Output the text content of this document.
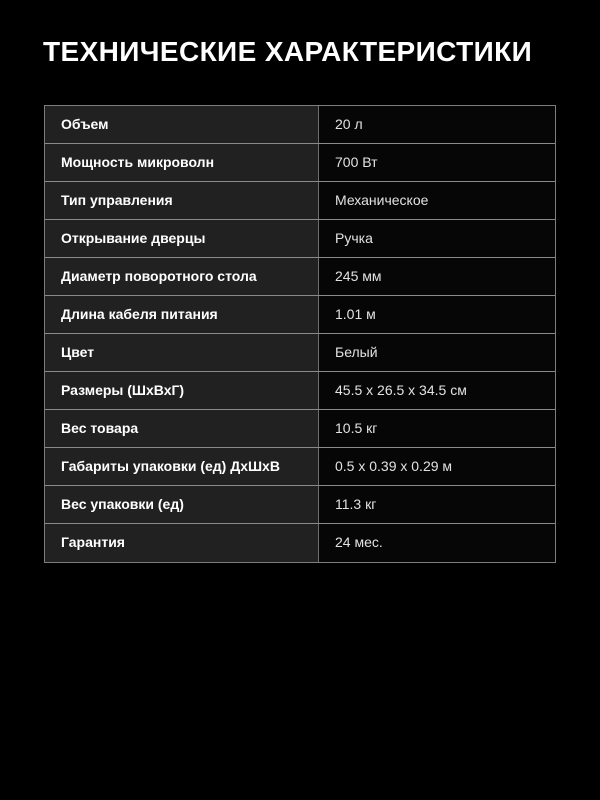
ТЕХНИЧЕСКИЕ ХАРАКТЕРИСТИКИ
Объем	20 л
Мощность микроволн	700 Вт
Тип управления	Механическое
Открывание дверцы	Ручка
Диаметр поворотного стола	245 мм
Длина кабеля питания	1.01 м
Цвет	Белый
Размеры (ШхВхГ)	45.5 x 26.5 x 34.5 см
Вес товара	10.5 кг
Габариты упаковки (ед) ДхШхВ	0.5 x 0.39 x 0.29 м
Вес упаковки (ед)	11.3 кг
Гарантия	24 мес.
